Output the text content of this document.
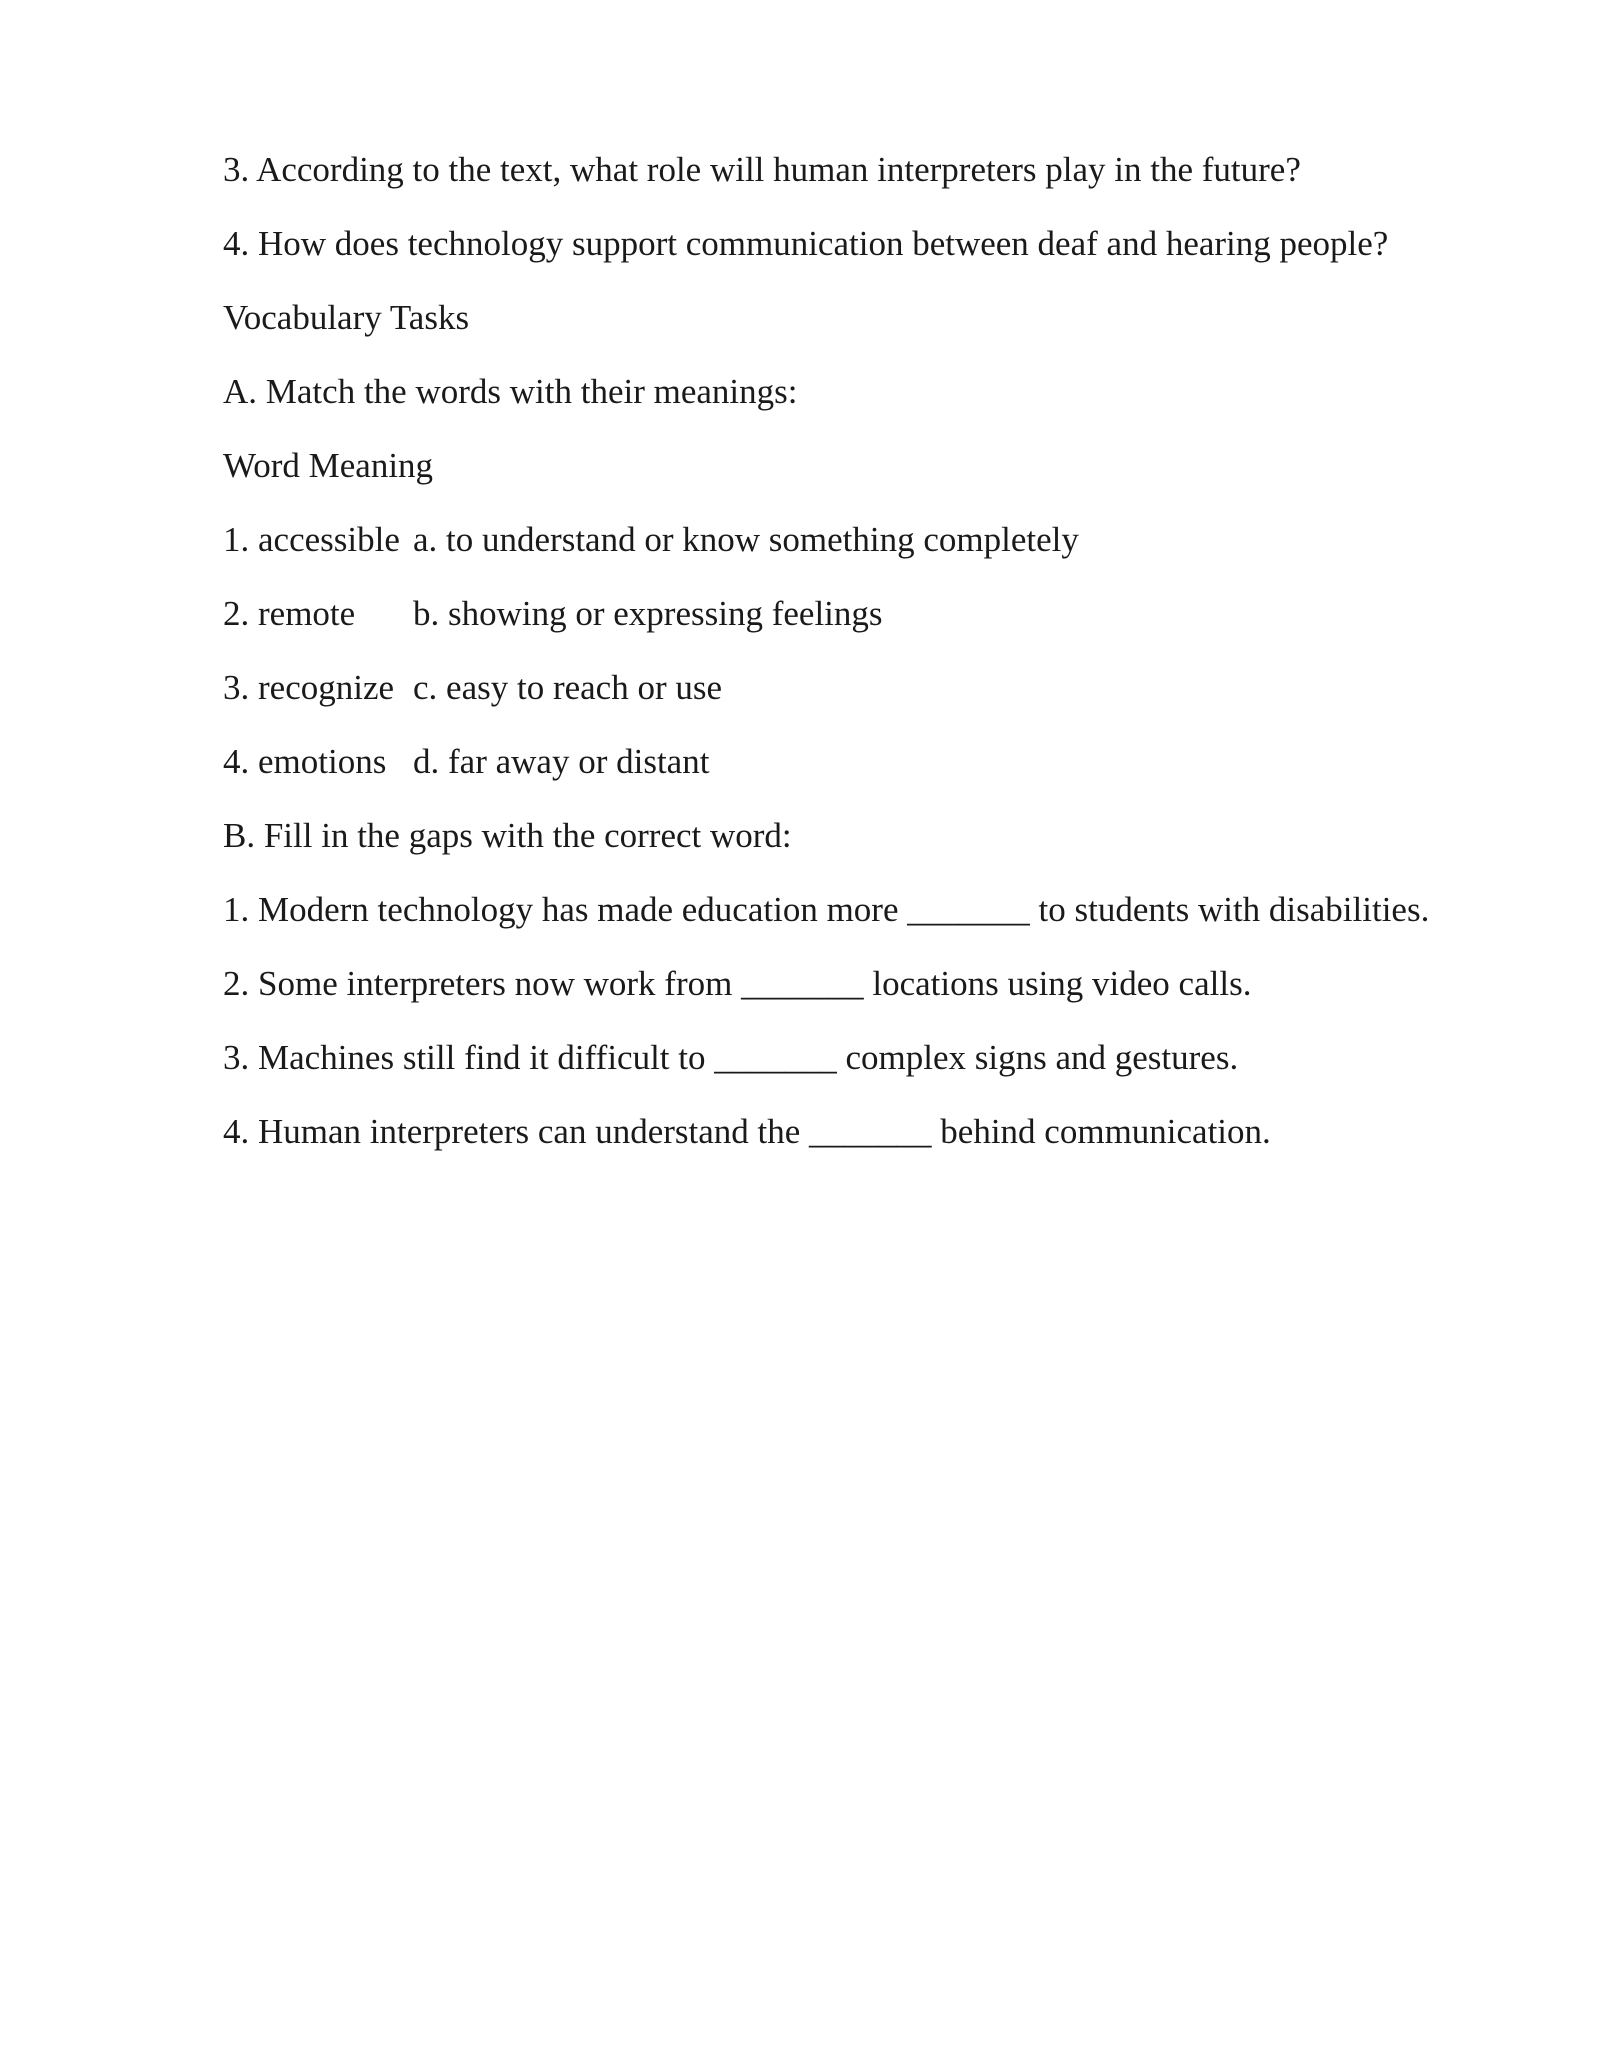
3. According to the text, what role will human interpreters play in the future?
4. How does technology support communication between deaf and hearing people?
Vocabulary Tasks
A. Match the words with their meanings:
Word Meaning
1. accessible a. to understand or know something completely
2. remote b. showing or expressing feelings
3. recognize c. easy to reach or use
4. emotions d. far away or distant
B. Fill in the gaps with the correct word:
1. Modern technology has made education more _______ to students with disabilities.
2. Some interpreters now work from _______ locations using video calls.
3. Machines still find it difficult to _______ complex signs and gestures.
4. Human interpreters can understand the _______ behind communication.
